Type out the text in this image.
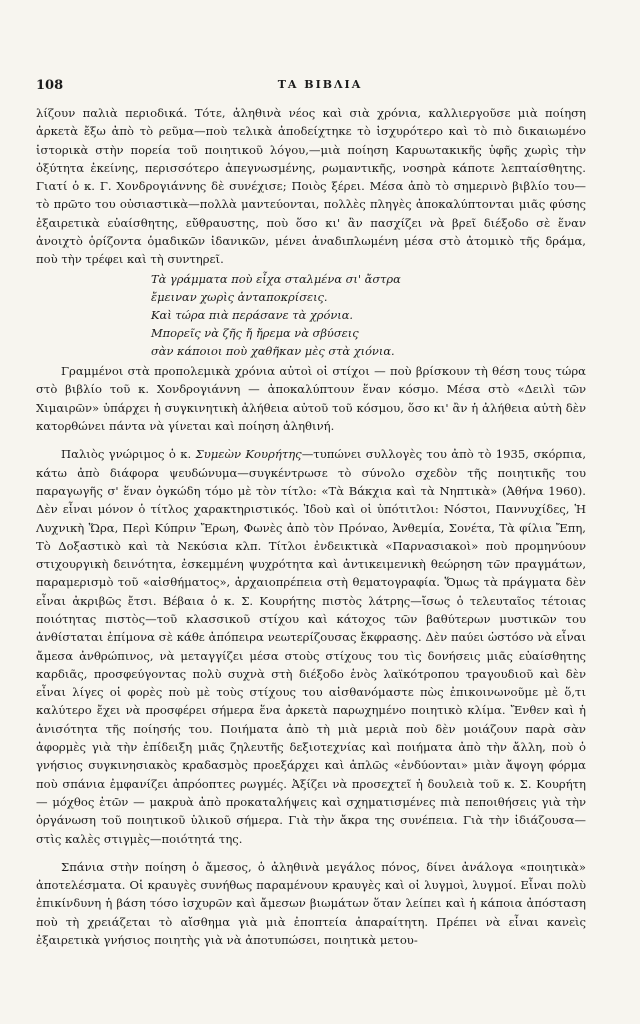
108	ΤΑ ΒΙΒΛΙΑ

λίζουν παλιὰ περιοδικά. Τότε, ἀληθινὰ νέος καὶ σιὰ χρόνια, καλλιεργοῦσε μιὰ ποίηση ἀρκετὰ ἔξω ἀπὸ τὸ ρεῦμα—ποὺ τελικὰ ἀποδείχτηκε τὸ ἰσχυρότερο καὶ τὸ πιὸ δικαιωμένο ἱστορικὰ στὴν πορεία τοῦ ποιητικοῦ λόγου,—μιὰ ποίηση Καρυωτακικῆς ὑφῆς χωρὶς τὴν ὀξύτητα ἐκείνης, περισσότερο ἀπεγνωσμένης, ρωμαντικῆς, νοσηρὰ κάποτε λεπταίσθητης. Γιατί ὁ κ. Γ. Χονδρογιάννης δὲ συνέχισε; Ποιὸς ξέρει. Μέσα ἀπὸ τὸ σημερινὸ βιβλίο του— τὸ πρῶτο του οὐσιαστικὰ—πολλὰ μαντεύονται, πολλὲς πληγὲς ἀποκαλύπτονται μιᾶς φύσης ἐξαιρετικὰ εὐαίσθητης, εὔθραυστης, ποὺ ὅσο κι' ἂν πασχίζει νὰ βρεῖ διέξοδο σὲ ἕναν ἀνοιχτὸ ὁρίζοντα ὁμαδικῶν ἰδανικῶν, μένει ἀναδιπλωμένη μέσα στὸ ἀτομικὸ τῆς δράμα, ποὺ τὴν τρέφει καὶ τὴ συντηρεῖ.

Τὰ γράμματα ποὺ εἶχα σταλμένα σι' ἄστρα
ἔμειναν χωρὶς ἀνταποκρίσεις.
Καὶ τώρα πιὰ περάσανε τὰ χρόνια.
Μπορεῖς νὰ ζῆς ἤ ἤρεμα νὰ σβύσεις
σὰν κάποιοι ποὺ χαθῆκαν μὲς στὰ χιόνια.

Γραμμένοι στὰ προπολεμικὰ χρόνια αὐτοὶ οἱ στίχοι — ποὺ βρίσκουν τὴ θέση τους τώρα στὸ βιβλίο τοῦ κ. Χονδρογιάννη — ἀποκαλύπτουν ἕναν κόσμο. Μέσα στὸ «Δειλὶ τῶν Χιμαιρῶν» ὑπάρχει ἡ συγκινητικὴ ἀλήθεια αὐτοῦ τοῦ κόσμου, ὅσο κι' ἂν ἡ ἀλήθεια αὐτὴ δὲν κατορθώνει πάντα νὰ γίνεται καὶ ποίηση ἀληθινή.

Παλιὸς γνώριμος ὁ κ. Συμεὼν Κουρήτης—τυπώνει συλλογὲς του ἀπὸ τὸ 1935, σκόρπια, κάτω ἀπὸ διάφορα ψευδώνυμα—συγκέντρωσε τὸ σύνολο σχεδὸν τῆς ποιητικῆς του παραγωγῆς σ' ἕναν ὀγκώδη τόμο μὲ τὸν τίτλο: «Τὰ Βάκχια καὶ τὰ Νηπτικὰ» (Ἀθήνα 1960). Δὲν εἶναι μόνον ὁ τίτλος χαρακτηριστικός. Ἰδοὺ καὶ οἱ ὑπότιτλοι: Νόστοι, Παννυχίδες, Ἡ Λυχνικὴ Ὥρα, Περὶ Κύπριν Ἔρωη, Φωνὲς ἀπὸ τὸν Πρόναο, Ἀνθεμία, Σονέτα, Τὰ φίλια Ἔπη, Τὸ Δοξαστικὸ καὶ τὰ Νεκύσια κλπ. Τίτλοι ἐνδεικτικὰ «Παρνασιακοὶ» ποὺ προμηνύουν στιχουργικὴ δεινότητα, ἐσκεμμένη ψυχρότητα καὶ ἀντικειμενικὴ θεώρηση τῶν πραγμάτων, παραμερισμὸ τοῦ «αἰσθήματος», ἀρχαιοπρέπεια στὴ θεματογραφία. Ὅμως τὰ πράγματα δὲν εἶναι ἀκριβῶς ἔτσι. Βέβαια ὁ κ. Σ. Κουρήτης πιστὸς λάτρης—ἴσως ὁ τελευταῖος τέτοιας ποιότητας πιστὸς—τοῦ κλασσικοῦ στίχου καὶ κάτοχος τῶν βαθύτερων μυστικῶν του ἀνθίσταται ἐπίμονα σὲ κάθε ἀπόπειρα νεωτερίζουσας ἔκφρασης. Δὲν παύει ὡστόσο νὰ εἶναι ἄμεσα ἀνθρώπινος, νὰ μεταγγίζει μέσα στοὺς στίχους του τὶς δονήσεις μιᾶς εὐαίσθητης καρδιᾶς, προσφεύγοντας πολὺ συχνὰ στὴ διέξοδο ἑνὸς λαϊκότροπου τραγουδιοῦ καὶ δὲν εἶναι λίγες οἱ φορὲς ποὺ μὲ τοὺς στίχους του αἰσθανόμαστε πὼς ἐπικοινωνοῦμε μὲ ὅ,τι καλύτερο ἔχει νὰ προσφέρει σήμερα ἕνα ἀρκετὰ παρωχημένο ποιητικὸ κλίμα. Ἔνθεν καὶ ἡ ἀνισότητα τῆς ποίησής του. Ποιήματα ἀπὸ τὴ μιὰ μεριὰ ποὺ δὲν μοιάζουν παρὰ σὰν ἀφορμὲς γιὰ τὴν ἐπίδειξη μιᾶς ζηλευτῆς δεξιοτεχνίας καὶ ποιήματα ἀπὸ τὴν ἄλλη, ποὺ ὁ γνήσιος συγκινησιακὸς κραδασμὸς προεξάρχει καὶ ἁπλῶς «ἐνδύονται» μιὰν ἄψογη φόρμα ποὺ σπάνια ἐμφανίζει ἀπρόοπτες ρωγμές. Ἀξίζει νὰ προσεχτεῖ ἡ δουλειὰ τοῦ κ. Σ. Κουρήτη — μόχθος ἐτῶν — μακρυὰ ἀπὸ προκαταλήψεις καὶ σχηματισμένες πιὰ πεποιθήσεις γιὰ τὴν ὀργάνωση τοῦ ποιητικοῦ ὑλικοῦ σήμερα. Γιὰ τὴν ἄκρα της συνέπεια. Γιὰ τὴν ἰδιάζουσα—στὶς καλὲς στιγμὲς—ποιότητά της.

Σπάνια στὴν ποίηση ὁ ἄμεσος, ὁ ἀληθινὰ μεγάλος πόνος, δίνει ἀνάλογα «ποιητικὰ» ἀποτελέσματα. Οἱ κραυγὲς συνήθως παραμένουν κραυγὲς καὶ οἱ λυγμοὶ, λυγμοί. Εἶναι πολὺ ἐπικίνδυνη ἡ βάση τόσο ἰσχυρῶν καὶ ἄμεσων βιωμάτων ὅταν λείπει καὶ ἡ κάποια ἀπόσταση ποὺ τὴ χρειάζεται τὸ αἴσθημα γιὰ μιὰ ἐποπτεία ἀπαραίτητη. Πρέπει νὰ εἶναι κανεὶς ἐξαιρετικὰ γνήσιος ποιητὴς γιὰ νὰ ἀποτυπώσει, ποιητικὰ μετου-
